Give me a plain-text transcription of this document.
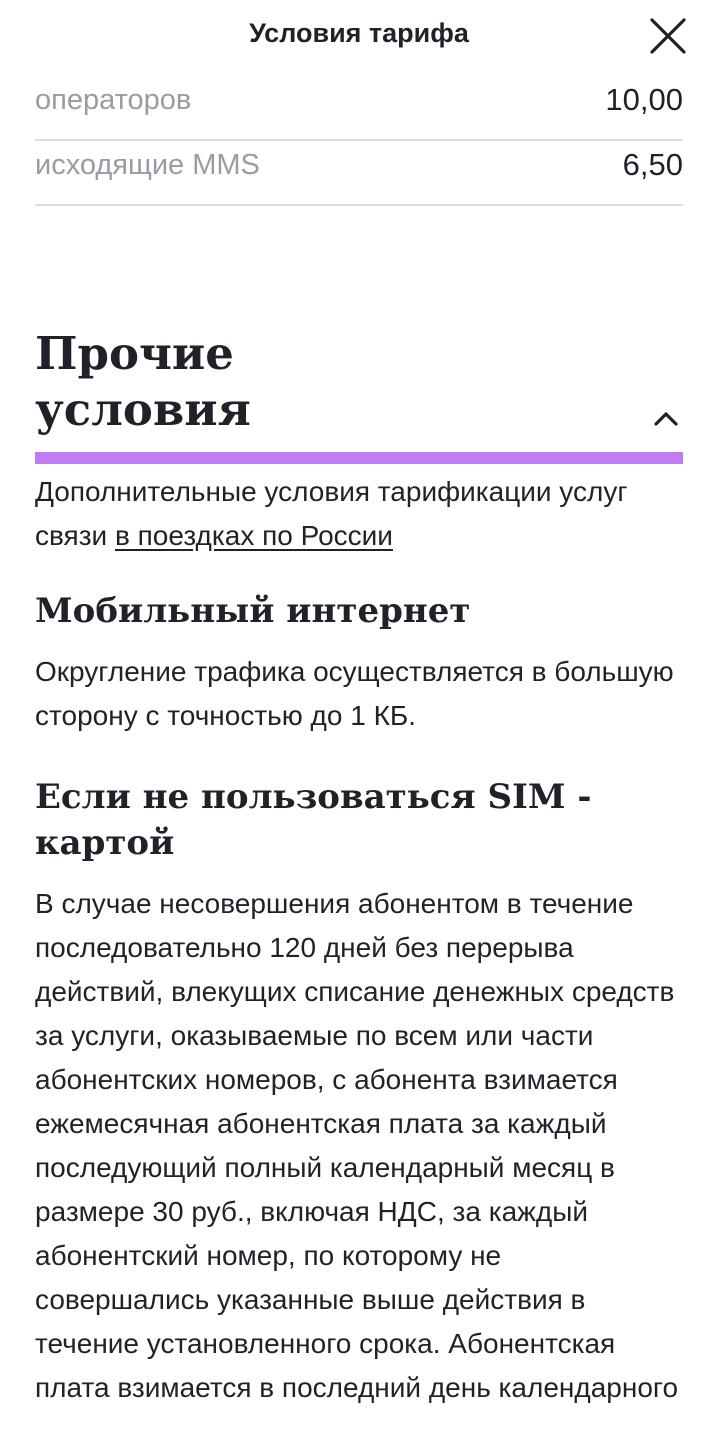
Условия тарифа
операторов	10,00
исходящие MMS	6,50
Прочие условия
Дополнительные условия тарификации услуг связи в поездках по России
Мобильный интернет
Округление трафика осуществляется в большую сторону с точностью до 1 КБ.
Если не пользоваться SIM - картой
В случае несовершения абонентом в течение последовательно 120 дней без перерыва действий, влекущих списание денежных средств за услуги, оказываемые по всем или части абонентских номеров, с абонента взимается ежемесячная абонентская плата за каждый последующий полный календарный месяц в размере 30 руб., включая НДС, за каждый абонентский номер, по которому не совершались указанные выше действия в течение установленного срока. Абонентская плата взимается в последний день календарного
